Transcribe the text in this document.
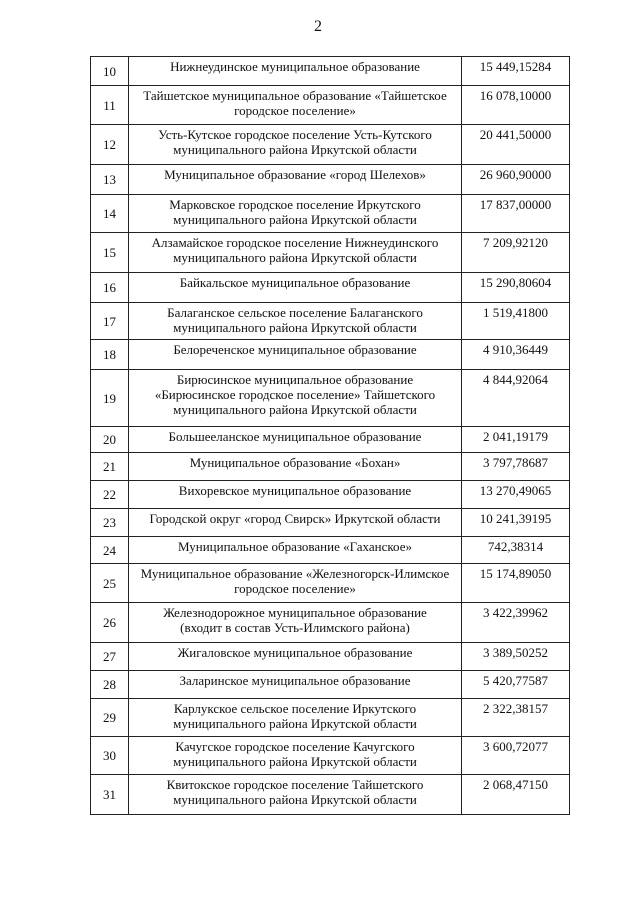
2
10	Нижнеудинское муниципальное образование	15 449,15284
11	Тайшетское муниципальное образование «Тайшетское
городское поселение»	16 078,10000
12	Усть-Кутское городское поселение Усть-Кутского
муниципального района Иркутской области	20 441,50000
13	Муниципальное образование «город Шелехов»	26 960,90000
14	Марковское городское поселение Иркутского
муниципального района Иркутской области	17 837,00000
15	Алзамайское городское поселение Нижнеудинского
муниципального района Иркутской области	7 209,92120
16	Байкальское муниципальное образование	15 290,80604
17	Балаганское сельское поселение Балаганского
муниципального района Иркутской области	1 519,41800
18	Белореченское муниципальное образование	4 910,36449
19	Бирюсинское муниципальное образование
«Бирюсинское городское поселение» Тайшетского
муниципального района Иркутской области	4 844,92064
20	Большееланское муниципальное образование	2 041,19179
21	Муниципальное образование «Бохан»	3 797,78687
22	Вихоревское муниципальное образование	13 270,49065
23	Городской округ «город Свирск» Иркутской области	10 241,39195
24	Муниципальное образование «Гаханское»	742,38314
25	Муниципальное образование «Железногорск-Илимское
городское поселение»	15 174,89050
26	Железнодорожное муниципальное образование
(входит в состав Усть-Илимского района)	3 422,39962
27	Жигаловское муниципальное образование	3 389,50252
28	Заларинское муниципальное образование	5 420,77587
29	Карлукское сельское поселение Иркутского
муниципального района Иркутской области	2 322,38157
30	Качугское городское поселение Качугского
муниципального района Иркутской области	3 600,72077
31	Квитокское городское поселение Тайшетского
муниципального района Иркутской области	2 068,47150
